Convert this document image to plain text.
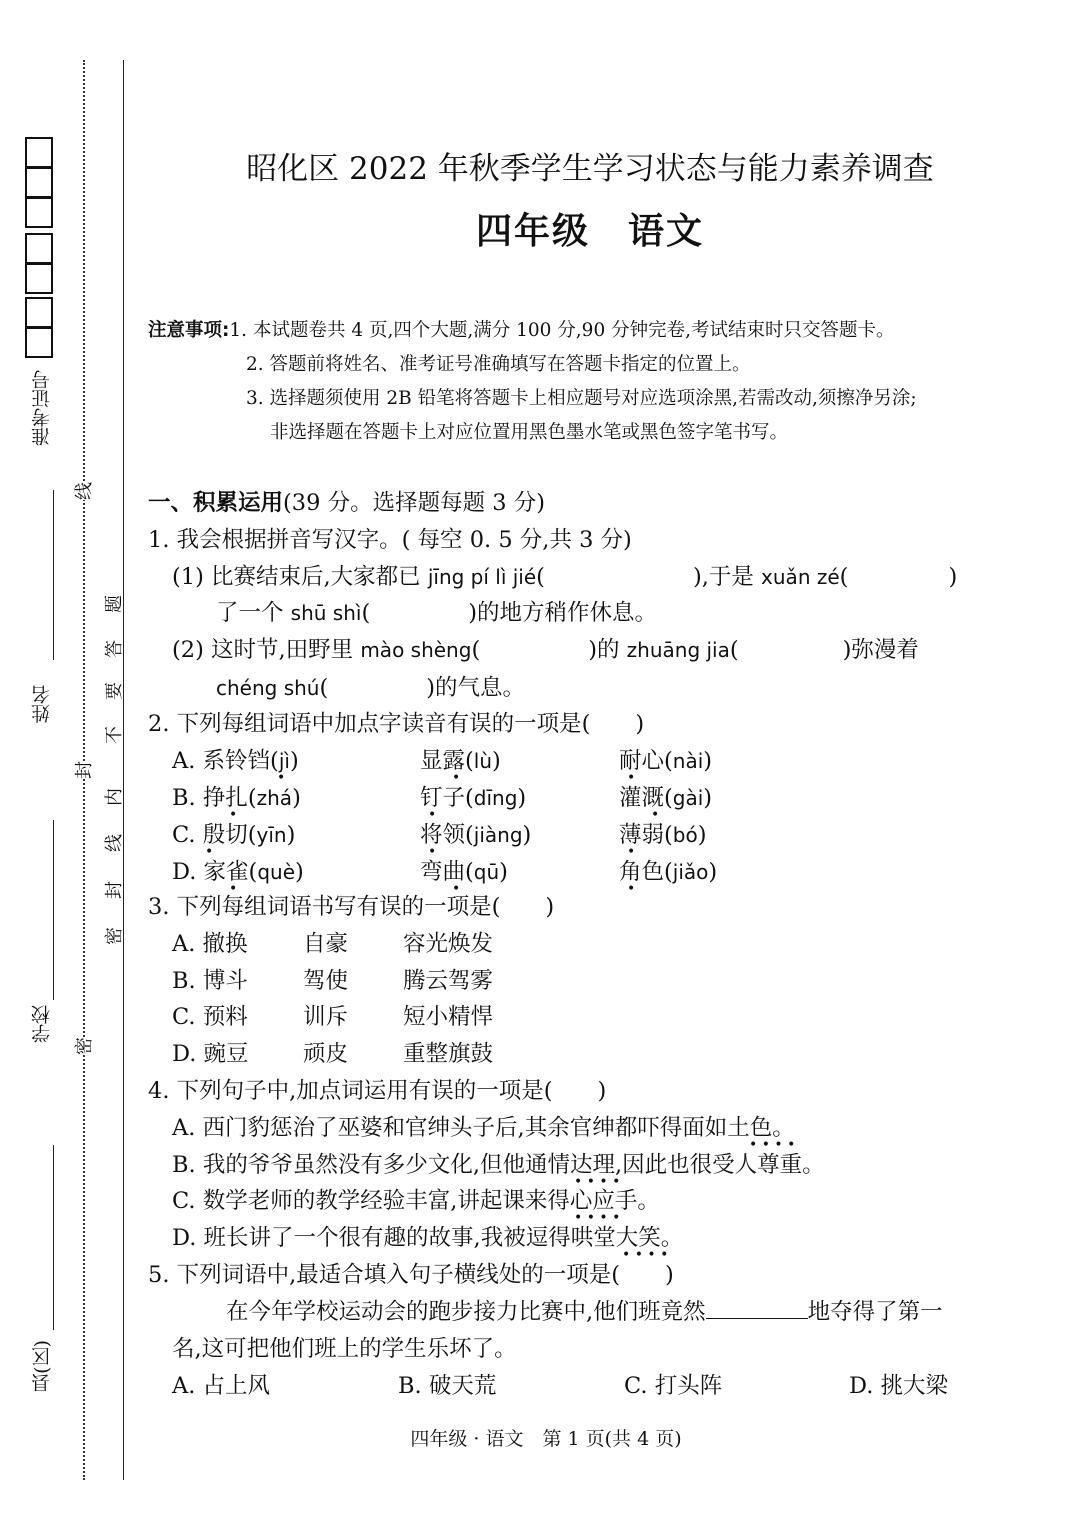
准考证号
姓名
学校
县(区)
线
封
密
题
答
要
不
内
线
封
密
昭化区 2022 年秋季学生学习状态与能力素养调查
四年级　语文
注意事项:1. 本试题卷共 4 页,四个大题,满分 100 分,90 分钟完卷,考试结束时只交答题卡。
2. 答题前将姓名、准考证号准确填写在答题卡指定的位置上。
3. 选择题须使用 2B 铅笔将答题卡上相应题号对应选项涂黑,若需改动,须擦净另涂;
非选择题在答题卡上对应位置用黑色墨水笔或黑色签字笔书写。
一、积累运用(39 分。选择题每题 3 分)
1. 我会根据拼音写汉字。( 每空 0. 5 分,共 3 分)
(1) 比赛结束后,大家都已 jīng pí lì jié(	),于是 xuǎn zé(	)
了一个 shū shì(	)的地方稍作休息。
(2) 这时节,田野里 mào shèng(	)的 zhuāng jia(	)弥漫着
chéng shú(	)的气息。
2. 下列每组词语中加点字读音有误的一项是(　　)
A. 系铃铛(jì)	显露(lù)	耐心(nài)
B. 挣扎(zhá)	钉子(dīng)	灌溉(gài)
C. 殷切(yīn)	将领(jiàng)	薄弱(bó)
D. 家雀(què)	弯曲(qū)	角色(jiǎo)
3. 下列每组词语书写有误的一项是(　　)
A. 撤换 自豪 容光焕发
B. 博斗 驾使 腾云驾雾
C. 预料 训斥 短小精悍
D. 豌豆 顽皮 重整旗鼓
4. 下列句子中,加点词运用有误的一项是(　　)
A. 西门豹惩治了巫婆和官绅头子后,其余官绅都吓得面如土色。
B. 我的爷爷虽然没有多少文化,但他通情达理,因此也很受人尊重。
C. 数学老师的教学经验丰富,讲起课来得心应手。
D. 班长讲了一个很有趣的故事,我被逗得哄堂大笑。
•	•	•
•	•	•
•	•	•
•	•	•
• • • •
• • • •
• • • •
• • • •
5. 下列词语中,最适合填入句子横线处的一项是(　　)
在今年学校运动会的跑步接力比赛中,他们班竟然	地夺得了第一
名,这可把他们班上的学生乐坏了。
A. 占上风	B. 破天荒	C. 打头阵	D. 挑大梁
四年级 · 语文　第 1 页(共 4 页)
